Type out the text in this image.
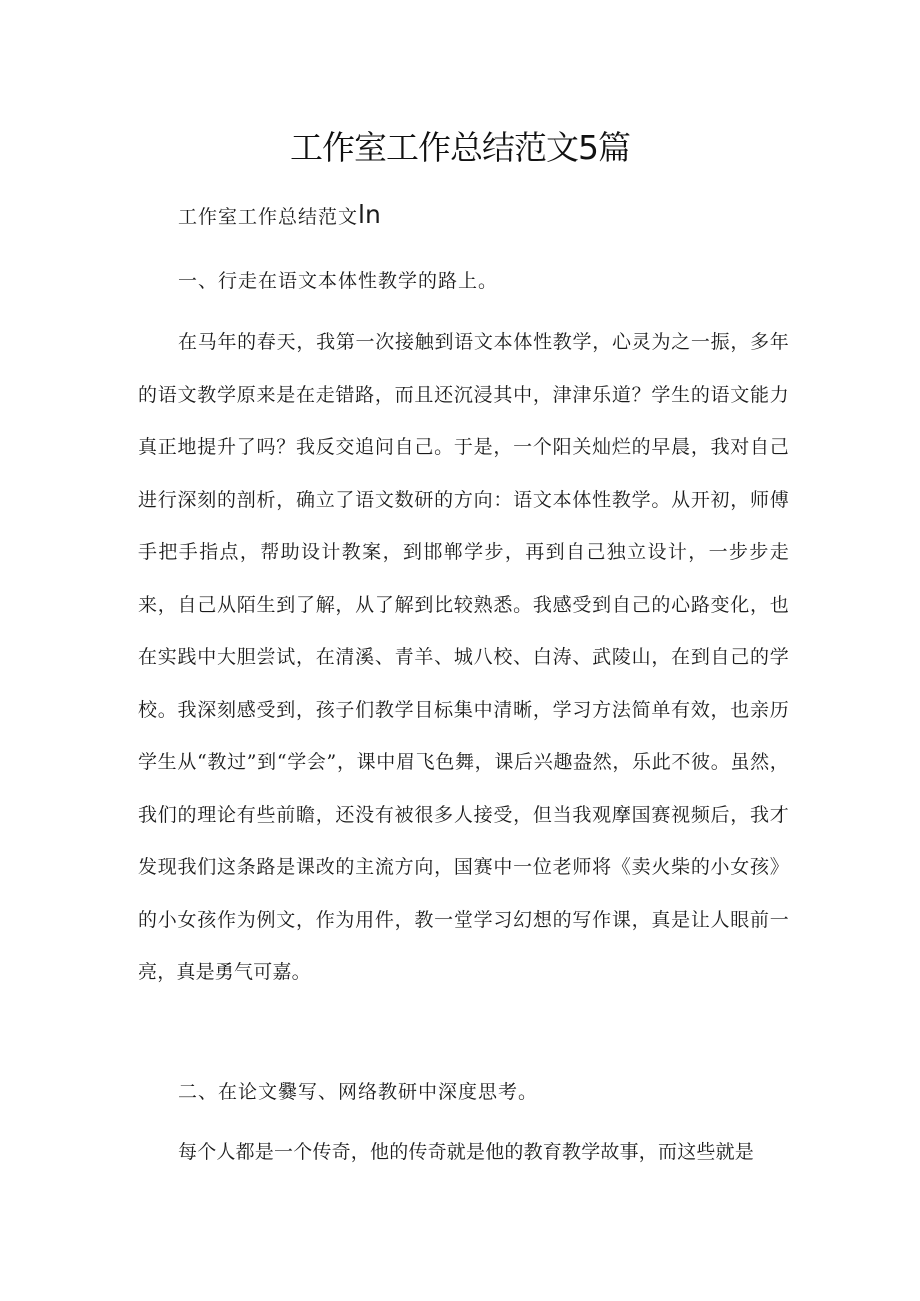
工作室工作总结范文5篇
工作室工作总结范文ln
一、行走在语文本体性教学的路上。
在马年的春天，我第一次接触到语文本体性教学，心灵为之一振，多年的语文教学原来是在走错路，而且还沉浸其中，津津乐道？学生的语文能力真正地提升了吗？我反交追问自己。于是，一个阳关灿烂的早晨，我对自己进行深刻的剖析，确立了语文数研的方向：语文本体性教学。从开初，师傅手把手指点，帮助设计教案，到邯郸学步，再到自己独立设计，一步步走来，自己从陌生到了解，从了解到比较熟悉。我感受到自己的心路变化，也在实践中大胆尝试，在清溪、青羊、城八校、白涛、武陵山，在到自己的学校。我深刻感受到，孩子们教学目标集中清晰，学习方法简单有效，也亲历学生从“教过”到“学会”，课中眉飞色舞，课后兴趣盎然，乐此不彼。虽然，我们的理论有些前瞻，还没有被很多人接受，但当我观摩国赛视频后，我才发现我们这条路是课改的主流方向，国赛中一位老师将《卖火柴的小女孩》的小女孩作为例文，作为用件，教一堂学习幻想的写作课，真是让人眼前一亮，真是勇气可嘉。
二、在论文爨写、网络教研中深度思考。
每个人都是一个传奇，他的传奇就是他的教育教学故事，而这些就是
